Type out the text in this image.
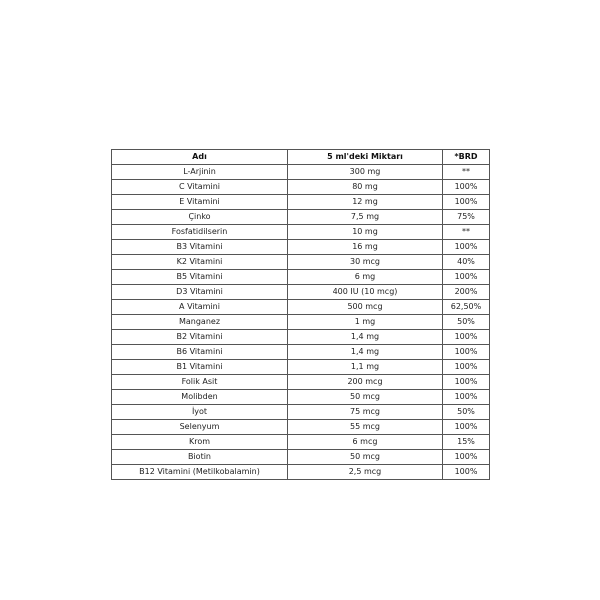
Adı	5 ml'deki Miktarı	*BRD
L-Arjinin	300 mg	**
C Vitamini	80 mg	100%
E Vitamini	12 mg	100%
Çinko	7,5 mg	75%
Fosfatidilserin	10 mg	**
B3 Vitamini	16 mg	100%
K2 Vitamini	30 mcg	40%
B5 Vitamini	6 mg	100%
D3 Vitamini	400 IU (10 mcg)	200%
A Vitamini	500 mcg	62,50%
Manganez	1 mg	50%
B2 Vitamini	1,4 mg	100%
B6 Vitamini	1,4 mg	100%
B1 Vitamini	1,1 mg	100%
Folik Asit	200 mcg	100%
Molibden	50 mcg	100%
İyot	75 mcg	50%
Selenyum	55 mcg	100%
Krom	6 mcg	15%
Biotin	50 mcg	100%
B12 Vitamini (Metilkobalamin)	2,5 mcg	100%
